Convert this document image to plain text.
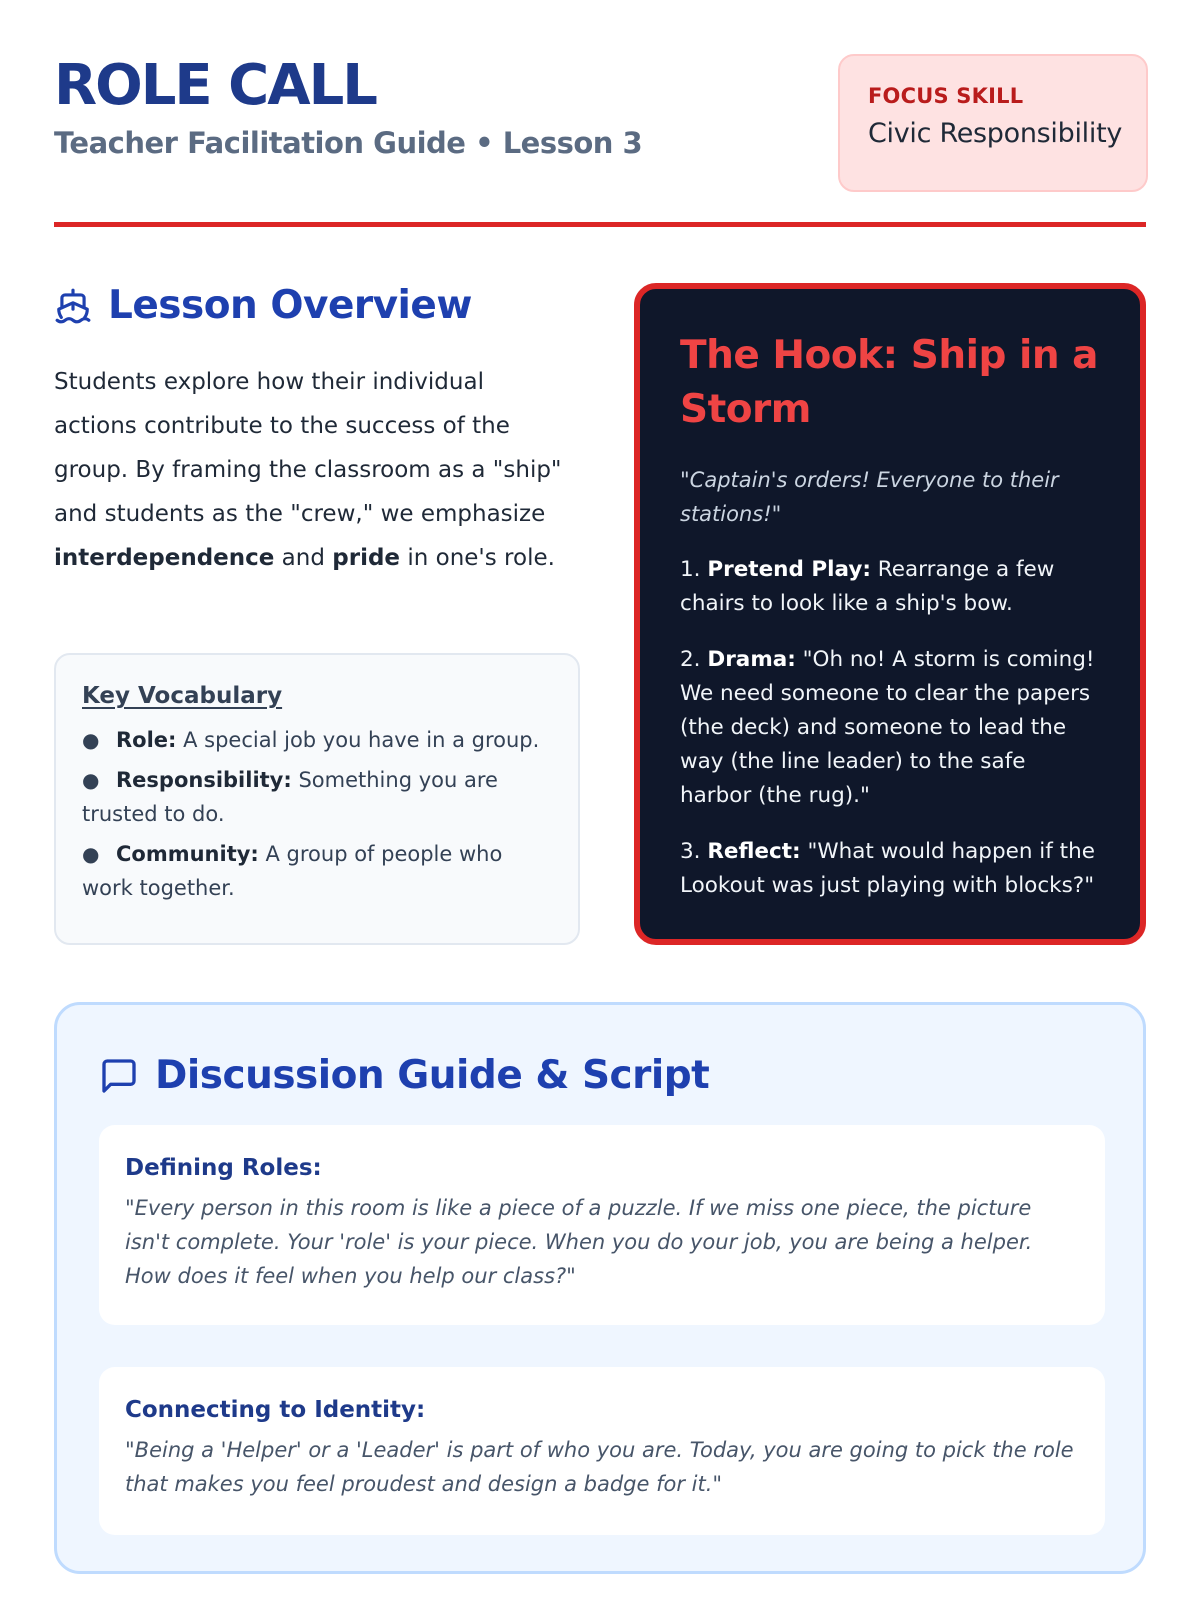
ROLE CALL
Teacher Facilitation Guide • Lesson 3
FOCUS SKILL
Civic Responsibility
Lesson Overview
Students explore how their individual actions contribute to the success of the group. By framing the classroom as a "ship" and students as the "crew," we emphasize interdependence and pride in one's role.
Key Vocabulary
● Role: A special job you have in a group.
● Responsibility: Something you are trusted to do.
● Community: A group of people who work together.
The Hook: Ship in a Storm
"Captain's orders! Everyone to their stations!"
1. Pretend Play: Rearrange a few chairs to look like a ship's bow.
2. Drama: "Oh no! A storm is coming! We need someone to clear the papers (the deck) and someone to lead the way (the line leader) to the safe harbor (the rug)."
3. Reflect: "What would happen if the Lookout was just playing with blocks?"
Discussion Guide & Script
Defining Roles:
"Every person in this room is like a piece of a puzzle. If we miss one piece, the picture isn't complete. Your 'role' is your piece. When you do your job, you are being a helper. How does it feel when you help our class?"
Connecting to Identity:
"Being a 'Helper' or a 'Leader' is part of who you are. Today, you are going to pick the role that makes you feel proudest and design a badge for it."
